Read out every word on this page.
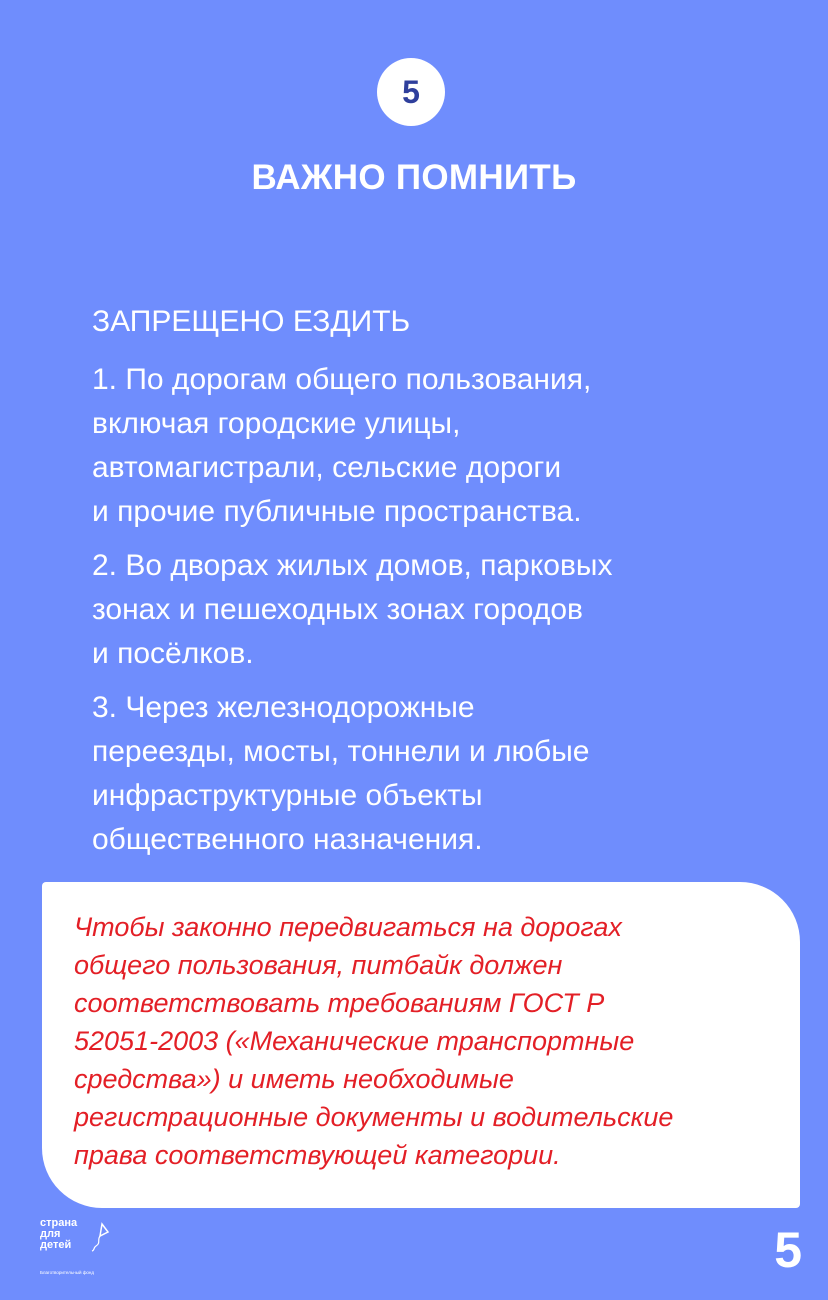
5
ВАЖНО ПОМНИТЬ
ЗАПРЕЩЕНО ЕЗДИТЬ
1. По дорогам общего пользования,
включая городские улицы,
автомагистрали, сельские дороги
и прочие публичные пространства.
2. Во дворах жилых домов, парковых
зонах и пешеходных зонах городов
и посёлков.
3. Через железнодорожные
переезды, мосты, тоннели и любые
инфраструктурные объекты
общественного назначения.
Чтобы законно передвигаться на дорогах
общего пользования, питбайк должен
соответствовать требованиям ГОСТ Р
52051-2003 («Механические транспортные
средства») и иметь необходимые
регистрационные документы и водительские
права соответствующей категории.
страна
для
детей
Благотворительный фонд	5
